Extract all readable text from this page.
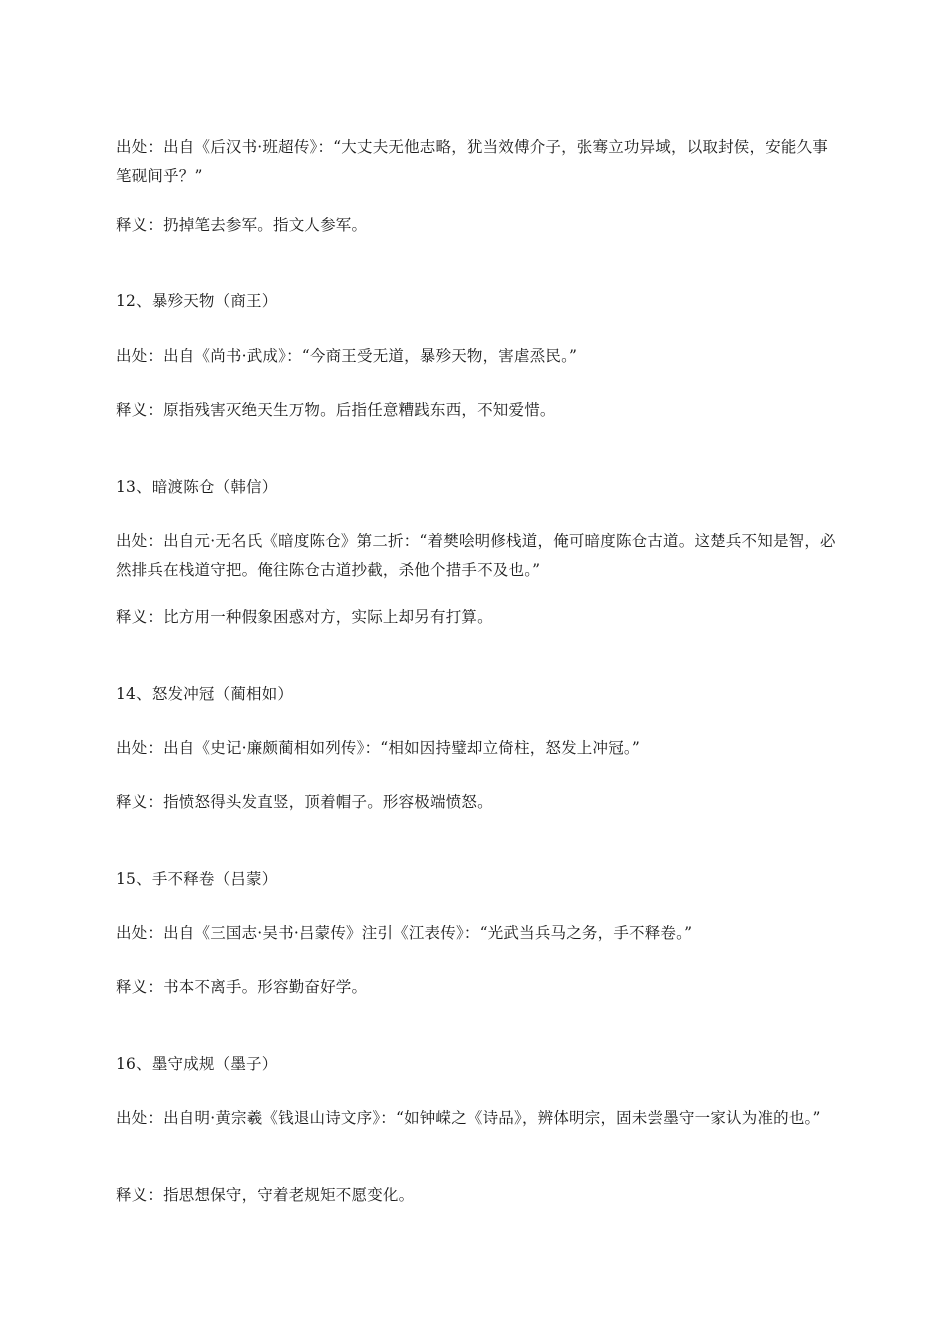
出处：出自《后汉书·班超传》：“大丈夫无他志略，犹当效傅介子，张骞立功异域，以取封侯，安能久事笔砚间乎？”

释义：扔掉笔去参军。指文人参军。

12、暴殄天物（商王）

出处：出自《尚书·武成》：“今商王受无道，暴殄天物，害虐烝民。”

释义：原指残害灭绝天生万物。后指任意糟践东西，不知爱惜。

13、暗渡陈仓（韩信）

出处：出自元·无名氏《暗度陈仓》第二折：“着樊哙明修栈道，俺可暗度陈仓古道。这楚兵不知是智，必然排兵在栈道守把。俺往陈仓古道抄截，杀他个措手不及也。”

释义：比方用一种假象困惑对方，实际上却另有打算。

14、怒发冲冠（蔺相如）

出处：出自《史记·廉颇蔺相如列传》：“相如因持璧却立倚柱，怒发上冲冠。”

释义：指愤怒得头发直竖，顶着帽子。形容极端愤怒。

15、手不释卷（吕蒙）

出处：出自《三国志·吴书·吕蒙传》注引《江表传》：“光武当兵马之务，手不释卷。”

释义：书本不离手。形容勤奋好学。

16、墨守成规（墨子）

出处：出自明·黄宗羲《钱退山诗文序》：“如钟嵘之《诗品》，辨体明宗，固未尝墨守一家认为准的也。”

释义：指思想保守，守着老规矩不愿变化。
